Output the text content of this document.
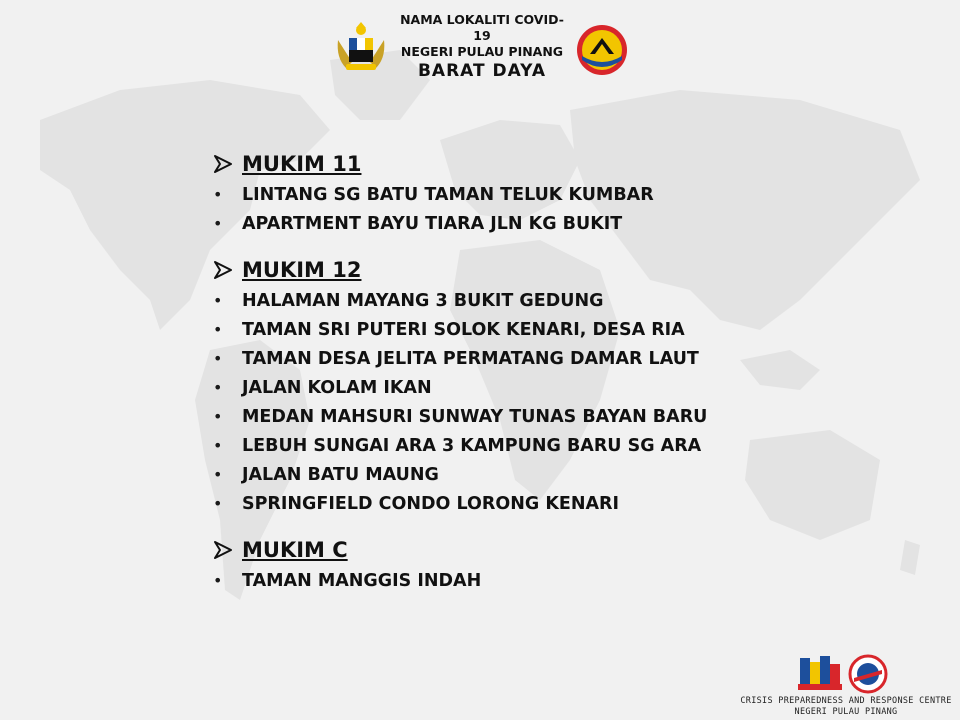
NAMA LOKALITI COVID-19
NEGERI PULAU PINANG
BARAT DAYA
MUKIM 11
•	LINTANG SG BATU TAMAN TELUK KUMBAR
•	APARTMENT BAYU TIARA JLN KG BUKIT
MUKIM 12
•	HALAMAN MAYANG 3 BUKIT GEDUNG
•	TAMAN SRI PUTERI SOLOK KENARI, DESA RIA
•	TAMAN DESA JELITA PERMATANG DAMAR LAUT
•	JALAN KOLAM IKAN
•	MEDAN MAHSURI SUNWAY TUNAS BAYAN BARU
•	LEBUH SUNGAI ARA 3 KAMPUNG BARU SG ARA
•	JALAN BATU MAUNG
•	SPRINGFIELD CONDO LORONG KENARI
MUKIM C
•	TAMAN MANGGIS INDAH
CRISIS PREPAREDNESS AND RESPONSE CENTRE
NEGERI PULAU PINANG
